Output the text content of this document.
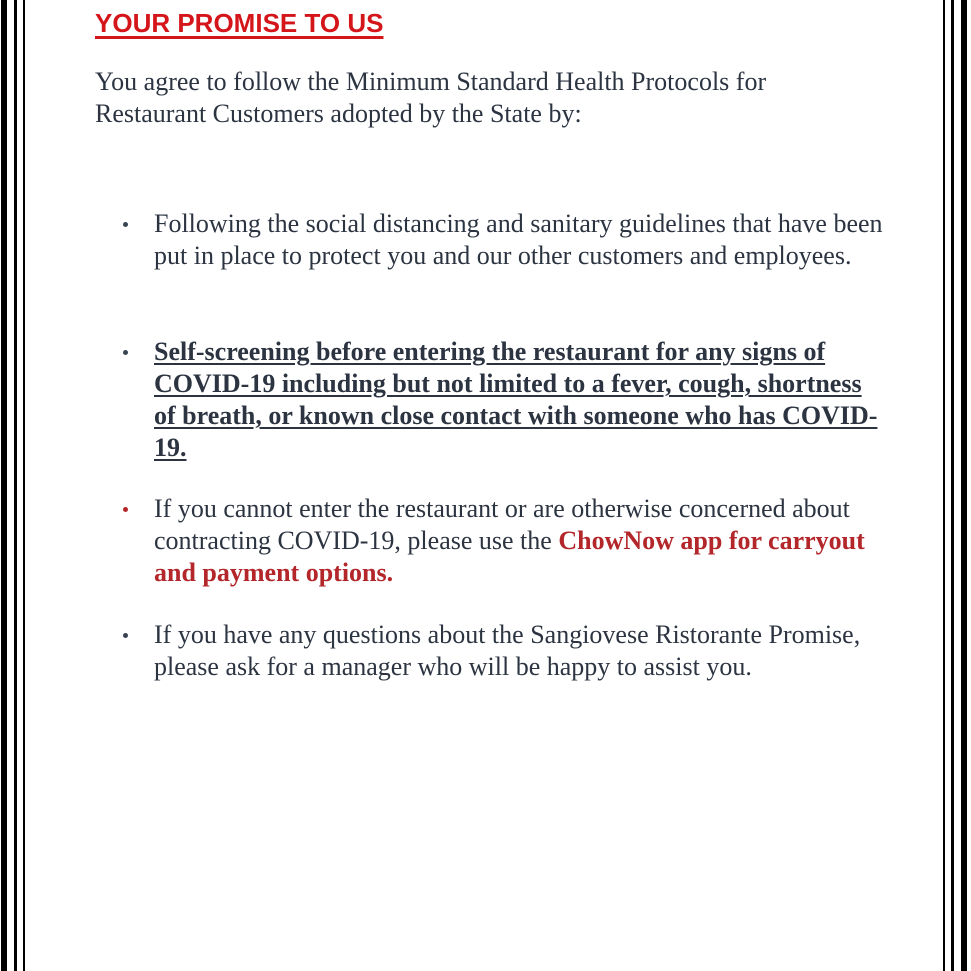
YOUR PROMISE TO US

You agree to follow the Minimum Standard Health Protocols for Restaurant Customers adopted by the State by:

Following the social distancing and sanitary guidelines that have been put in place to protect you and our other customers and employees.

Self-screening before entering the restaurant for any signs of COVID-19 including but not limited to a fever, cough, shortness of breath, or known close contact with someone who has COVID-19.

If you cannot enter the restaurant or are otherwise concerned about contracting COVID-19, please use the ChowNow app for carryout and payment options.

If you have any questions about the Sangiovese Ristorante Promise, please ask for a manager who will be happy to assist you.
